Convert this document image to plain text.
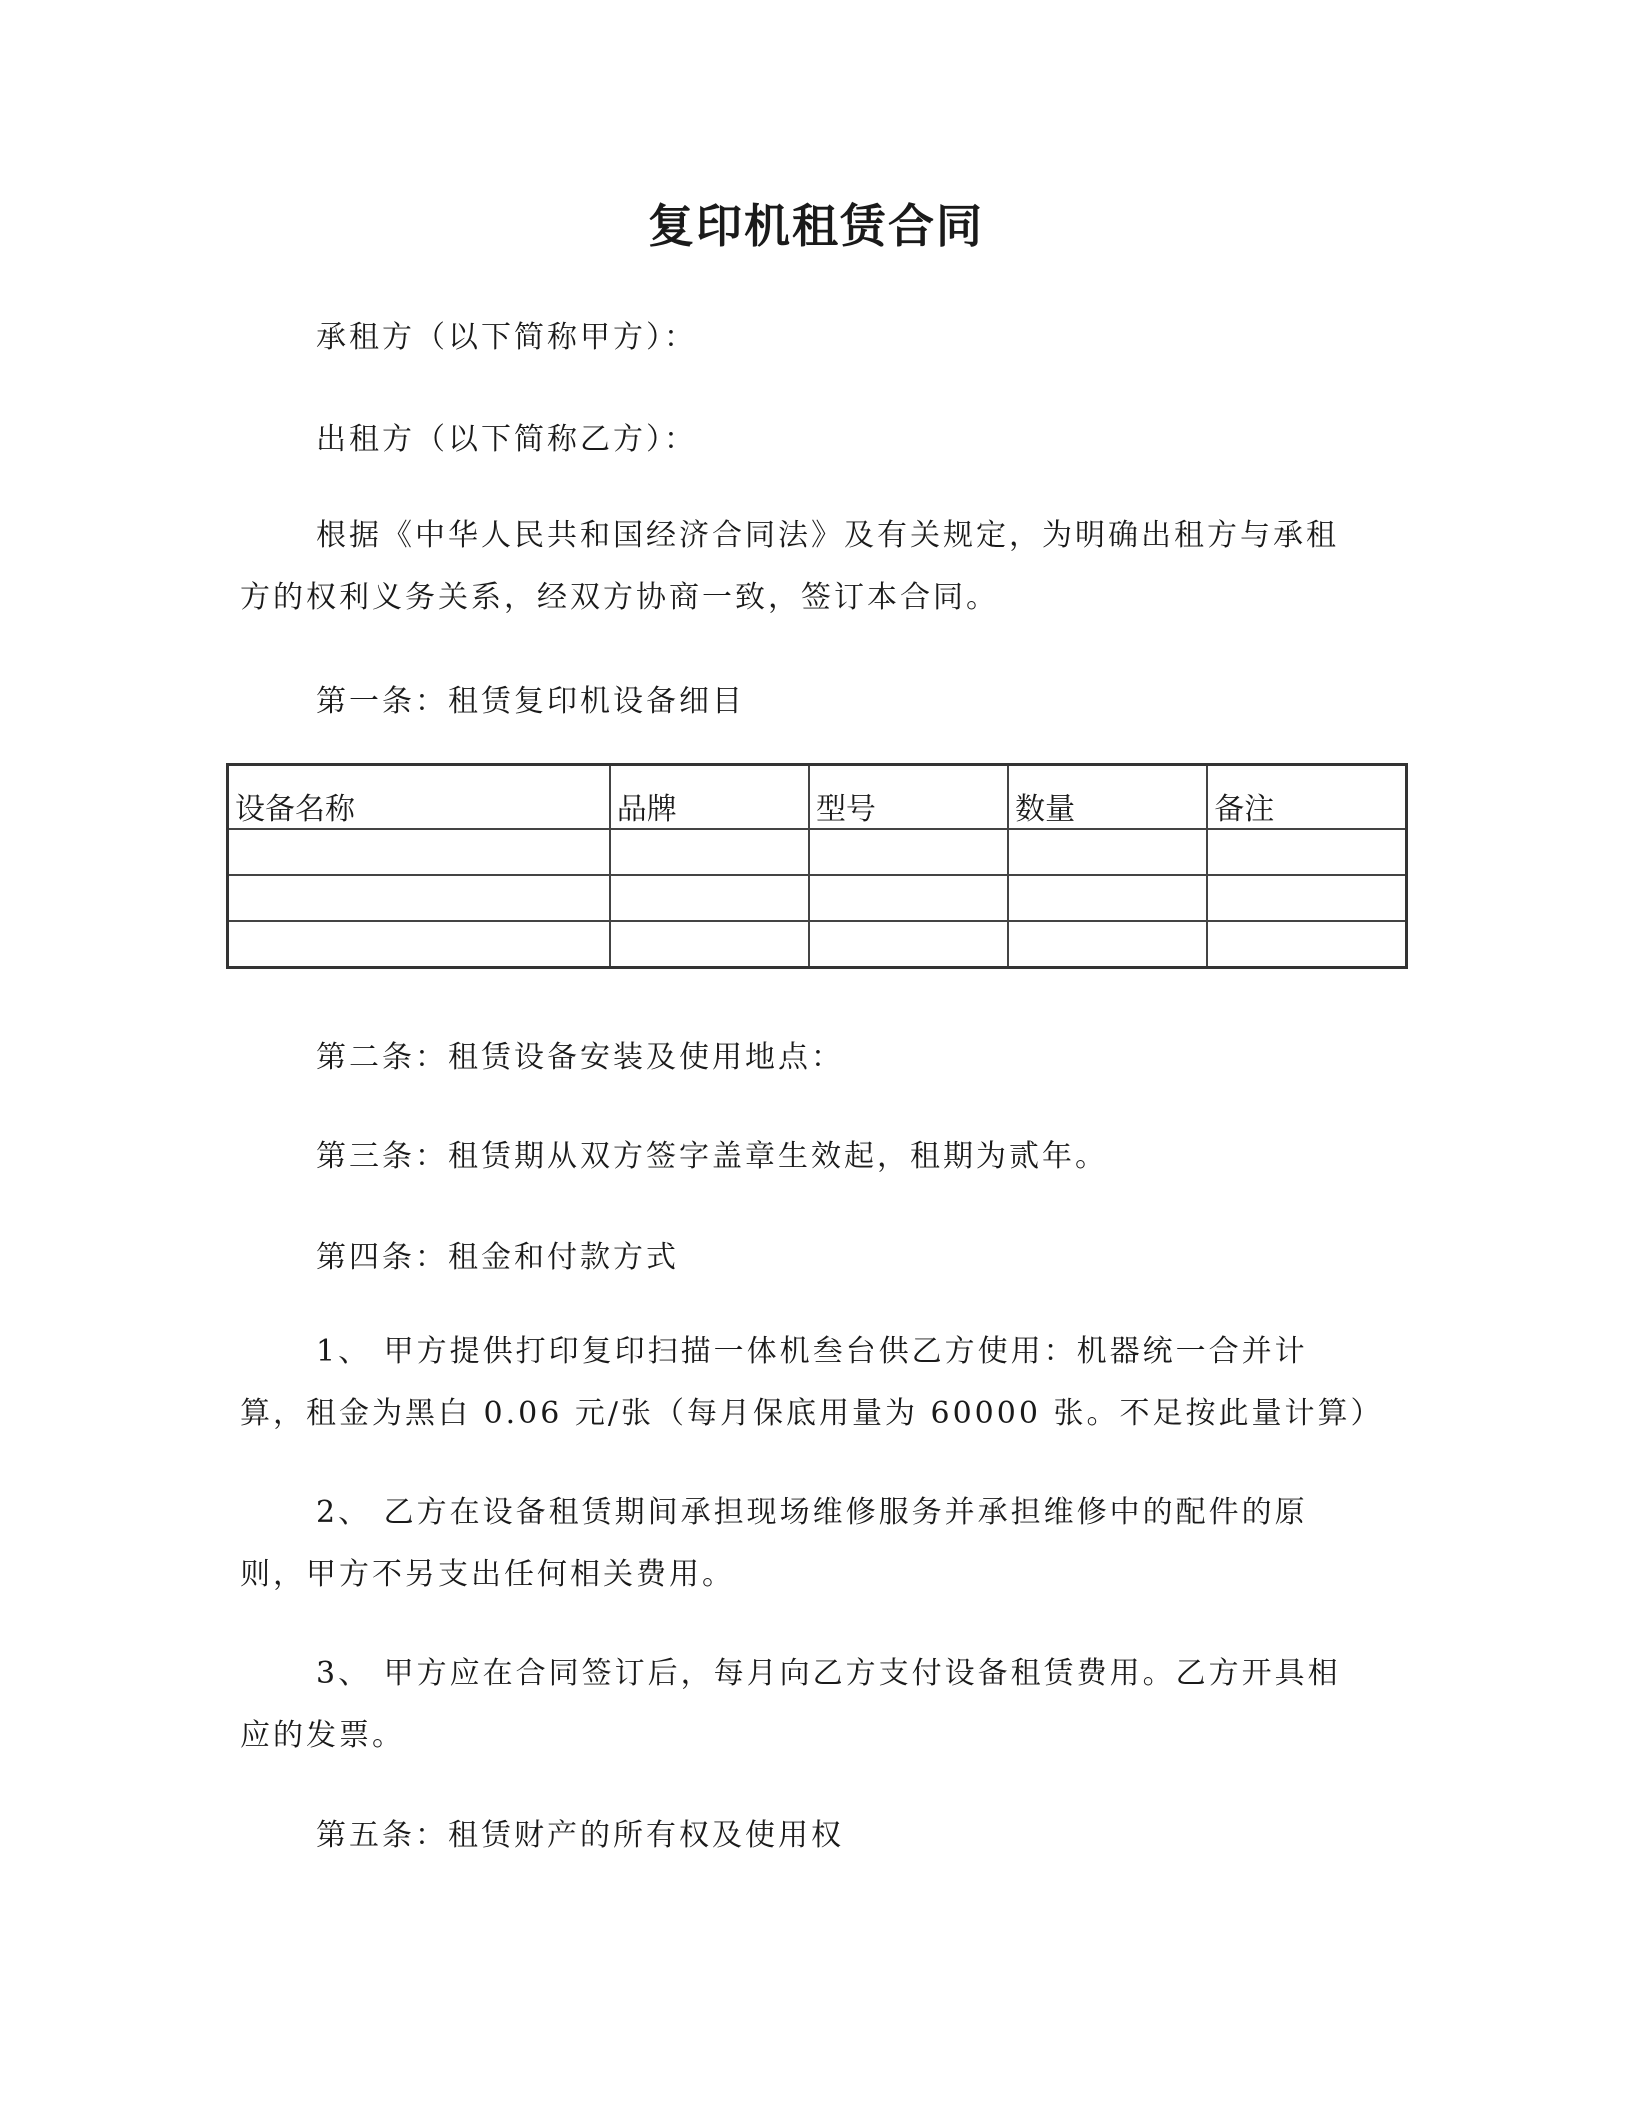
复印机租赁合同
承租方（以下简称甲方）：
出租方（以下简称乙方）：
根据《中华人民共和国经济合同法》及有关规定，为明确出租方与承租方的权利义务关系，经双方协商一致，签订本合同。
第一条：租赁复印机设备细目
设备名称	品牌	型号	数量	备注

第二条：租赁设备安装及使用地点：
第三条：租赁期从双方签字盖章生效起，租期为贰年。
第四条：租金和付款方式
1、 甲方提供打印复印扫描一体机叁台供乙方使用：机器统一合并计算，租金为黑白 0.06 元/张（每月保底用量为 60000 张。不足按此量计算）
2、 乙方在设备租赁期间承担现场维修服务并承担维修中的配件的原则，甲方不另支出任何相关费用。
3、 甲方应在合同签订后，每月向乙方支付设备租赁费用。乙方开具相应的发票。
第五条：租赁财产的所有权及使用权
